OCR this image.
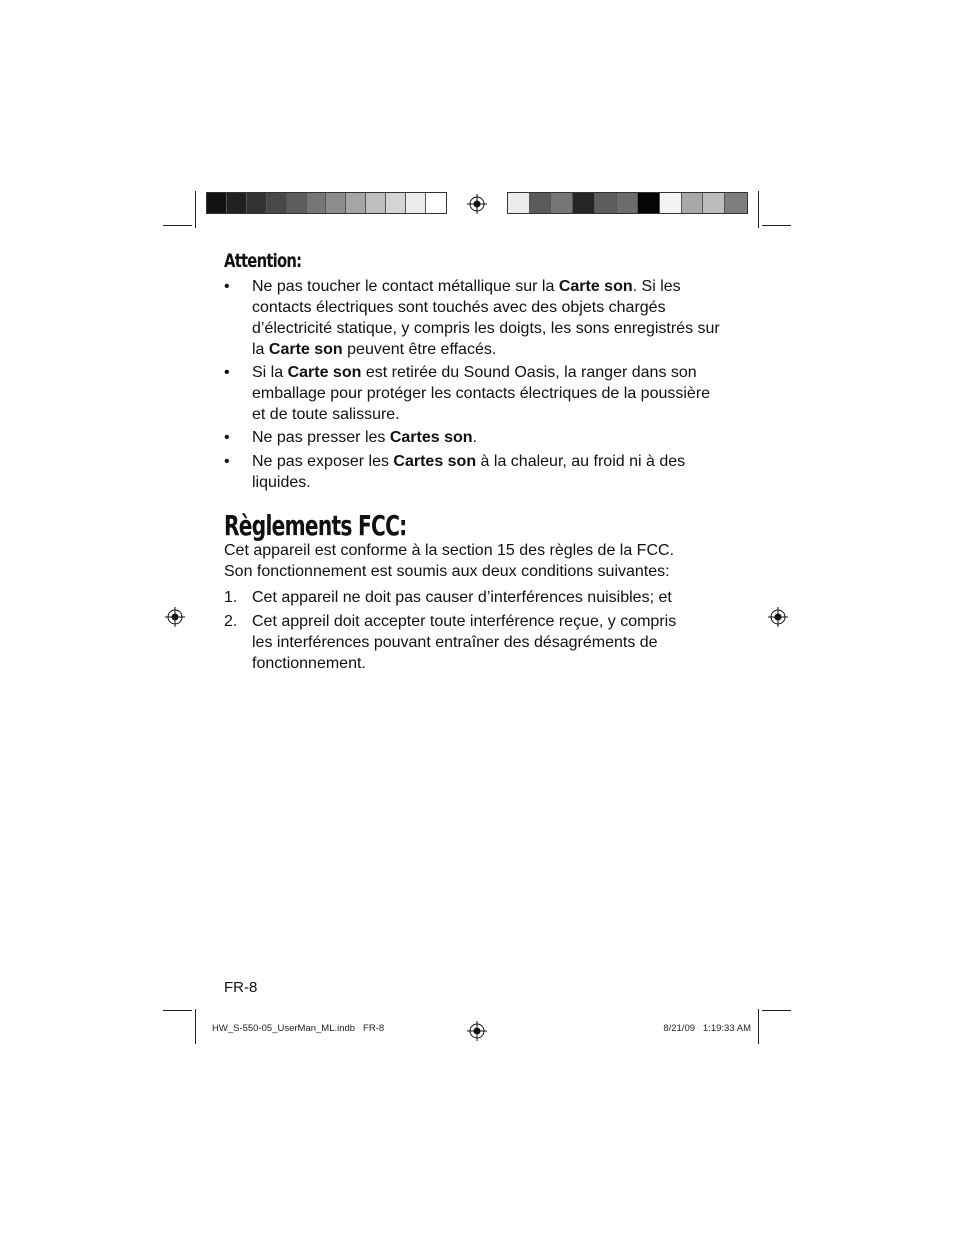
Attention:
• Ne pas toucher le contact métallique sur la Carte son. Si les contacts électriques sont touchés avec des objets chargés d’électricité statique, y compris les doigts, les sons enregistrés sur la Carte son peuvent être effacés.
• Si la Carte son est retirée du Sound Oasis, la ranger dans son emballage pour protéger les contacts électriques de la poussière et de toute salissure.
• Ne pas presser les Cartes son.
• Ne pas exposer les Cartes son à la chaleur, au froid ni à des liquides.
Règlements FCC:

Cet appareil est conforme à la section 15 des règles de la FCC. Son fonctionnement est soumis aux deux conditions suivantes:

1. Cet appareil ne doit pas causer d’interférences nuisibles; et
2. Cet appreil doit accepter toute interférence reçue, y compris les interférences pouvant entraîner des désagréments de fonctionnement.
FR-8
HW_S-550-05_UserMan_ML.indb   FR-8	8/21/09   1:19:33 AM
